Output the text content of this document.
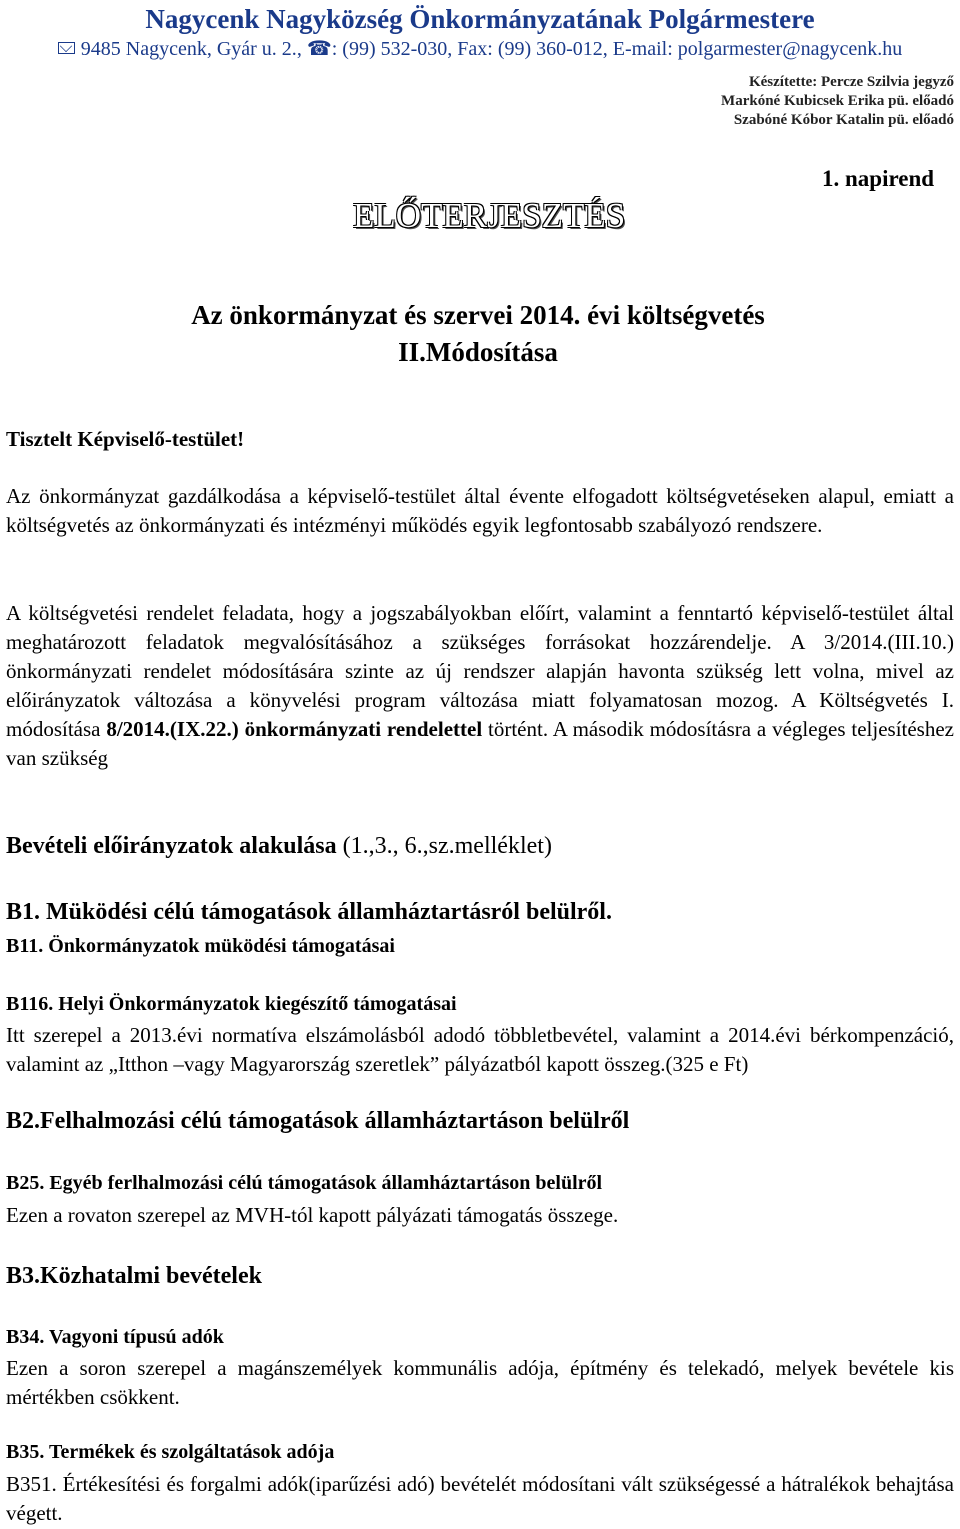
Nagycenk Nagyközség Önkormányzatának Polgármestere
9485 Nagycenk, Gyár u. 2., ☎: (99) 532-030, Fax: (99) 360-012, E-mail: polgarmester@nagycenk.hu
Készítette: Percze Szilvia jegyző
Markóné Kubicsek Erika pü. előadó
Szabóné Kóbor Katalin pü. előadó
1. napirend
ELŐTERJESZTÉS
Az önkormányzat és szervei 2014. évi költségvetés
II.Módosítása
Tisztelt Képviselő-testület!
Az önkormányzat gazdálkodása a képviselő-testület által évente elfogadott költségvetéseken alapul, emiatt a költségvetés az önkormányzati és intézményi működés egyik legfontosabb szabályozó rendszere.
A költségvetési rendelet feladata, hogy a jogszabályokban előírt, valamint a fenntartó képviselő-testület által meghatározott feladatok megvalósításához a szükséges forrásokat hozzárendelje. A 3/2014.(III.10.) önkormányzati rendelet módosítására szinte az új rendszer alapján havonta szükség lett volna, mivel az előirányzatok változása a könyvelési program változása miatt folyamatosan mozog. A Költségvetés I. módosítása 8/2014.(IX.22.) önkormányzati rendelettel történt. A második módosításra a végleges teljesítéshez van szükség
Bevételi előirányzatok alakulása (1.,3., 6.,sz.melléklet)
B1. Müködési célú támogatások államháztartásról belülről.
B11. Önkormányzatok müködési támogatásai
B116. Helyi Önkormányzatok kiegészítő támogatásai
Itt szerepel a 2013.évi normatíva elszámolásból adodó többletbevétel, valamint a 2014.évi bérkompenzáció, valamint az „Itthon –vagy Magyarország szeretlek” pályázatból kapott összeg.(325 e Ft)
B2.Felhalmozási célú támogatások államháztartáson belülről
B25. Egyéb ferlhalmozási célú támogatások államháztartáson belülről
Ezen a rovaton szerepel az MVH-tól kapott pályázati támogatás összege.
B3.Közhatalmi bevételek
B34. Vagyoni típusú adók
Ezen a soron szerepel a magánszemélyek kommunális adója, építmény és telekadó, melyek bevétele kis mértékben csökkent.
B35. Termékek és szolgáltatások adója
B351. Értékesítési és forgalmi adók(iparűzési adó) bevételét módosítani vált szükségessé a hátralékok behajtása végett.
